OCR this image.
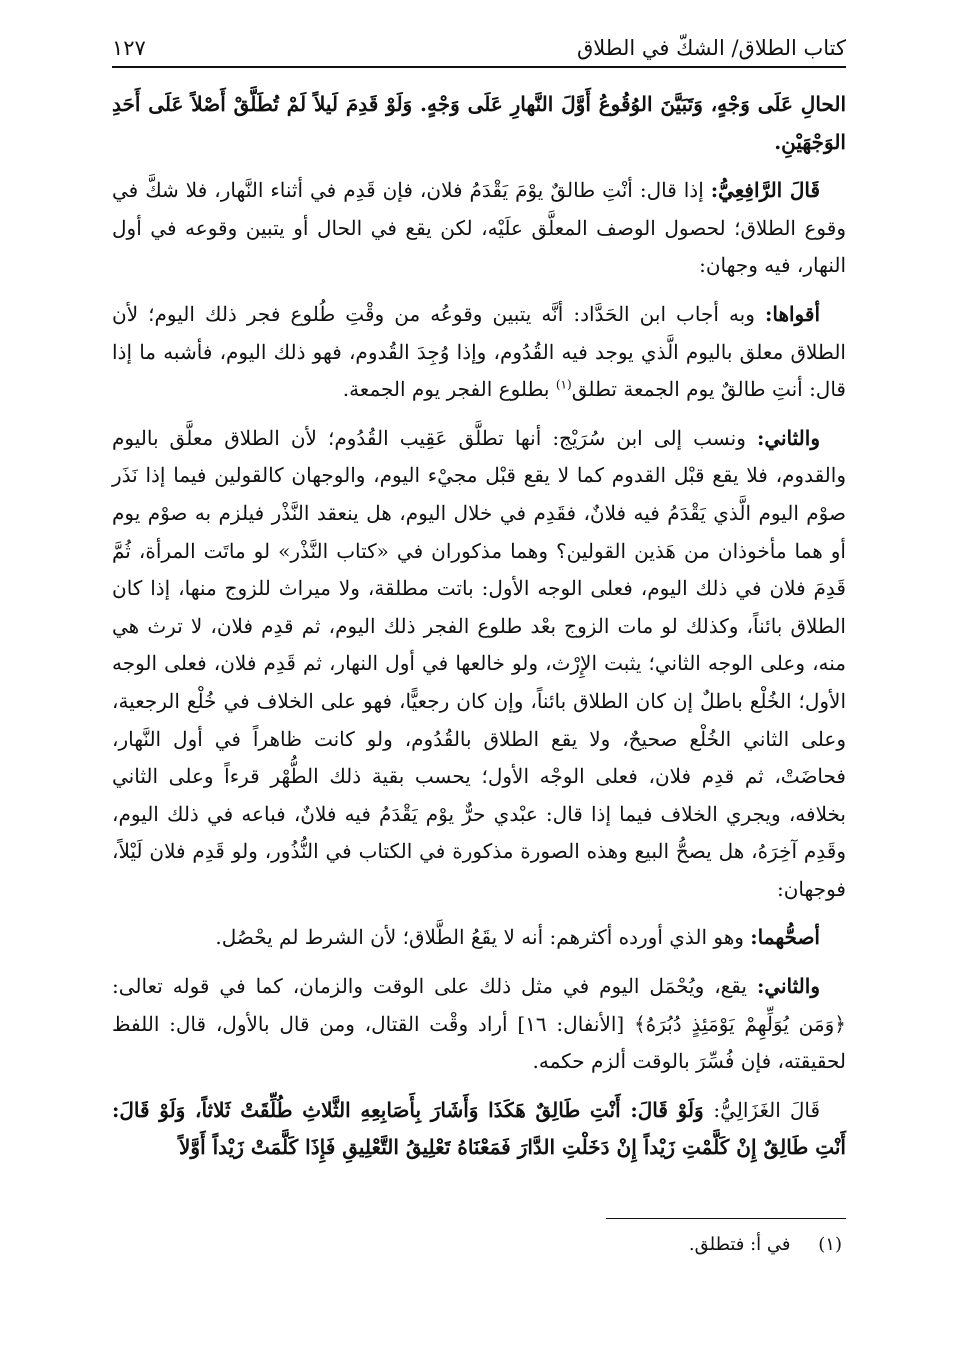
كتاب الطلاق/ الشكّ في الطلاق
١٢٧

الحالِ عَلَى وَجْهٍ، وَتَبَيَّنَ الوُقُوعُ أَوَّلَ النَّهارِ عَلَى وَجْهٍ. وَلَوْ قَدِمَ لَيلاً لَمْ تُطَلَّقْ أَصْلاً عَلَى أَحَدِ الوَجْهَيْنِ.

قَالَ الرَّافِعِيُّ: إذا قال: أنْتِ طالقٌ يوْمَ يَقْدَمُ فلان، فإن قَدِم في أثناء النَّهار، فلا شكَّ في وقوع الطلاق؛ لحصول الوصف المعلَّق علَيْه، لكن يقع في الحال أو يتبين وقوعه في أول النهار، فيه وجهان:

أقواها: وبه أجاب ابن الحَدَّاد: أنَّه يتبين وقوعُه من وقْتِ طُلوع فجر ذلك اليوم؛ لأن الطلاق معلق باليوم الَّذي يوجد فيه القُدُوم، وإذا وُجِدَ القُدوم، فهو ذلك اليوم، فأشبه ما إذا قال: أنتِ طالقٌ يوم الجمعة تطلق$^{(١)}$ بطلوع الفجر يوم الجمعة.

والثاني: ونسب إلى ابن سُرَيْج: أنها تطلَّق عَقِيب القُدُوم؛ لأن الطلاق معلَّق باليوم والقدوم، فلا يقع قبْل القدوم كما لا يقع قبْل مجيْء اليوم، والوجهان كالقولين فيما إذا نَذَر صوْم اليوم الَّذي يَقْدَمُ فيه فلانٌ، فقَدِم في خلال اليوم، هل ينعقد النَّذْر فيلزم به صوْم يوم أو هما مأخوذان من هَذين القولين؟ وهما مذكوران في «كتاب النَّذْر» لو ماتَت المرأة، ثُمَّ قَدِمَ فلان في ذلك اليوم، فعلى الوجه الأول: باتت مطلقة، ولا ميراث للزوج منها، إذا كان الطلاق بائناً، وكذلك لو مات الزوج بعْد طلوع الفجر ذلك اليوم، ثم قدِم فلان، لا ترث هي منه، وعلى الوجه الثاني؛ يثبت الإِرْث، ولو خالعها في أول النهار، ثم قَدِم فلان، فعلى الوجه الأول؛ الخُلْع باطلٌ إن كان الطلاق بائناً، وإن كان رجعيًّا، فهو على الخلاف في خُلْع الرجعية، وعلى الثاني الخُلْع صحيحٌ، ولا يقع الطلاق بالقُدُوم، ولو كانت ظاهراً في أول النَّهار، فحاضَتْ، ثم قدِم فلان، فعلى الوجْه الأول؛ يحسب بقية ذلك الطُّهْر قرءاً وعلى الثاني بخلافه، ويجري الخلاف فيما إذا قال: عبْدي حرٌّ يوْم يَقْدَمُ فيه فلانٌ، فباعه في ذلك اليوم، وقَدِم آخِرَهُ، هل يصحُّ البيع وهذه الصورة مذكورة في الكتاب في النُّذُور، ولو قَدِم فلان لَيْلاً، فوجهان:

أصحُّهما: وهو الذي أورده أكثرهم: أنه لا يقَعُ الطَّلاق؛ لأن الشرط لم يحْصُل.

والثاني: يقع، ويُحْمَل اليوم في مثل ذلك على الوقت والزمان، كما في قوله تعالى: ﴿وَمَن يُوَلِّهِمْ يَوْمَئِذٍ دُبُرَهُ﴾ [الأنفال: ١٦] أراد وقْت القتال، ومن قال بالأول، قال: اللفظ لحقيقته، فإن فُسِّرَ بالوقت ألزم حكمه.

قَالَ الغَزَالِيُّ: وَلَوْ قَالَ: أَنْتِ طَالِقٌ هَكَذَا وَأَشَارَ بِأَصَابِعِهِ الثَّلاثِ طُلِّقَتْ ثَلاثاً، وَلَوْ قَالَ: أَنْتِ طَالِقٌ إِنْ كَلَّمْتِ زَيْداً إِنْ دَخَلْتِ الدَّارَ فَمَعْنَاهُ تَعْلِيقُ التَّعْلِيقِ فَإِذَا كَلَّمَتْ زَيْداً أَوَّلاً

(١) في أ: فتطلق.
